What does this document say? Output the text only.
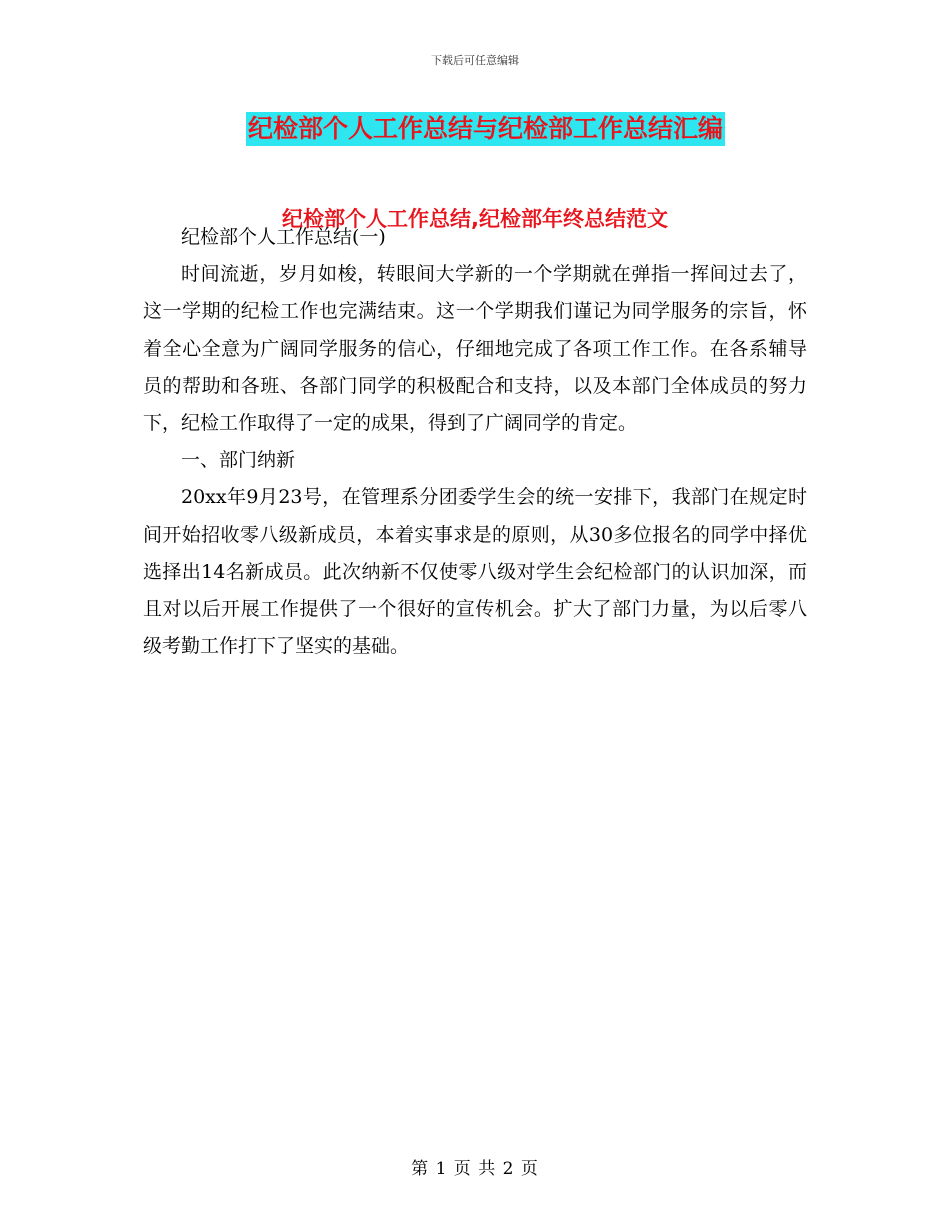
下载后可任意编辑
纪检部个人工作总结与纪检部工作总结汇编
纪检部个人工作总结,纪检部年终总结范文

纪检部个人工作总结(一)

时间流逝，岁月如梭，转眼间大学新的一个学期就在弹指一挥间过去了，这一学期的纪检工作也完满结束。这一个学期我们谨记为同学服务的宗旨，怀着全心全意为广阔同学服务的信心，仔细地完成了各项工作工作。在各系辅导员的帮助和各班、各部门同学的积极配合和支持，以及本部门全体成员的努力下，纪检工作取得了一定的成果，得到了广阔同学的肯定。

一、部门纳新

20xx年9月23号，在管理系分团委学生会的统一安排下，我部门在规定时间开始招收零八级新成员，本着实事求是的原则，从30多位报名的同学中择优选择出14名新成员。此次纳新不仅使零八级对学生会纪检部门的认识加深，而且对以后开展工作提供了一个很好的宣传机会。扩大了部门力量，为以后零八级考勤工作打下了坚实的基础。

第 1 页 共 2 页
